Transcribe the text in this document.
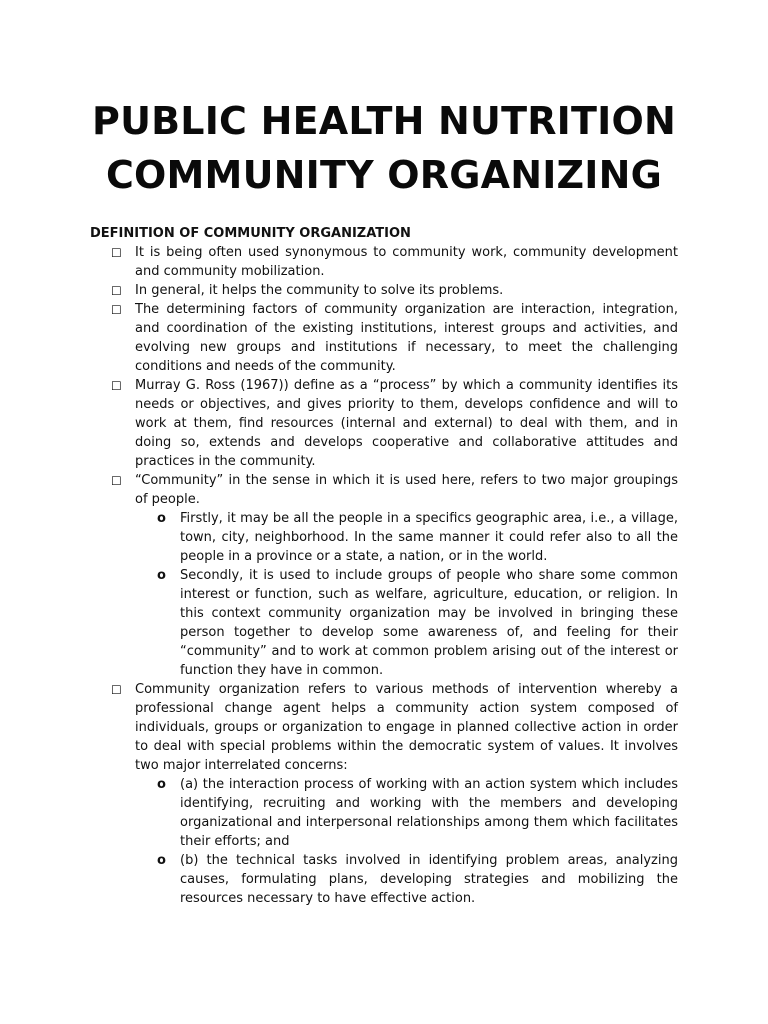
PUBLIC HEALTH NUTRITION
COMMUNITY ORGANIZING

DEFINITION OF COMMUNITY ORGANIZATION

☐ It is being often used synonymous to community work, community development and community mobilization.
☐ In general, it helps the community to solve its problems.
☐ The determining factors of community organization are interaction, integration, and coordination of the existing institutions, interest groups and activities, and evolving new groups and institutions if necessary, to meet the challenging conditions and needs of the community.
☐ Murray G. Ross (1967)) define as a “process” by which a community identifies its needs or objectives, and gives priority to them, develops confidence and will to work at them, find resources (internal and external) to deal with them, and in doing so, extends and develops cooperative and collaborative attitudes and practices in the community.
☐ “Community” in the sense in which it is used here, refers to two major groupings of people.
o Firstly, it may be all the people in a specifics geographic area, i.e., a village, town, city, neighborhood. In the same manner it could refer also to all the people in a province or a state, a nation, or in the world.
o Secondly, it is used to include groups of people who share some common interest or function, such as welfare, agriculture, education, or religion. In this context community organization may be involved in bringing these person together to develop some awareness of, and feeling for their “community” and to work at common problem arising out of the interest or function they have in common.
☐ Community organization refers to various methods of intervention whereby a professional change agent helps a community action system composed of individuals, groups or organization to engage in planned collective action in order to deal with special problems within the democratic system of values. It involves two major interrelated concerns:
o (a) the interaction process of working with an action system which includes identifying, recruiting and working with the members and developing organizational and interpersonal relationships among them which facilitates their efforts; and
o (b) the technical tasks involved in identifying problem areas, analyzing causes, formulating plans, developing strategies and mobilizing the resources necessary to have effective action.
